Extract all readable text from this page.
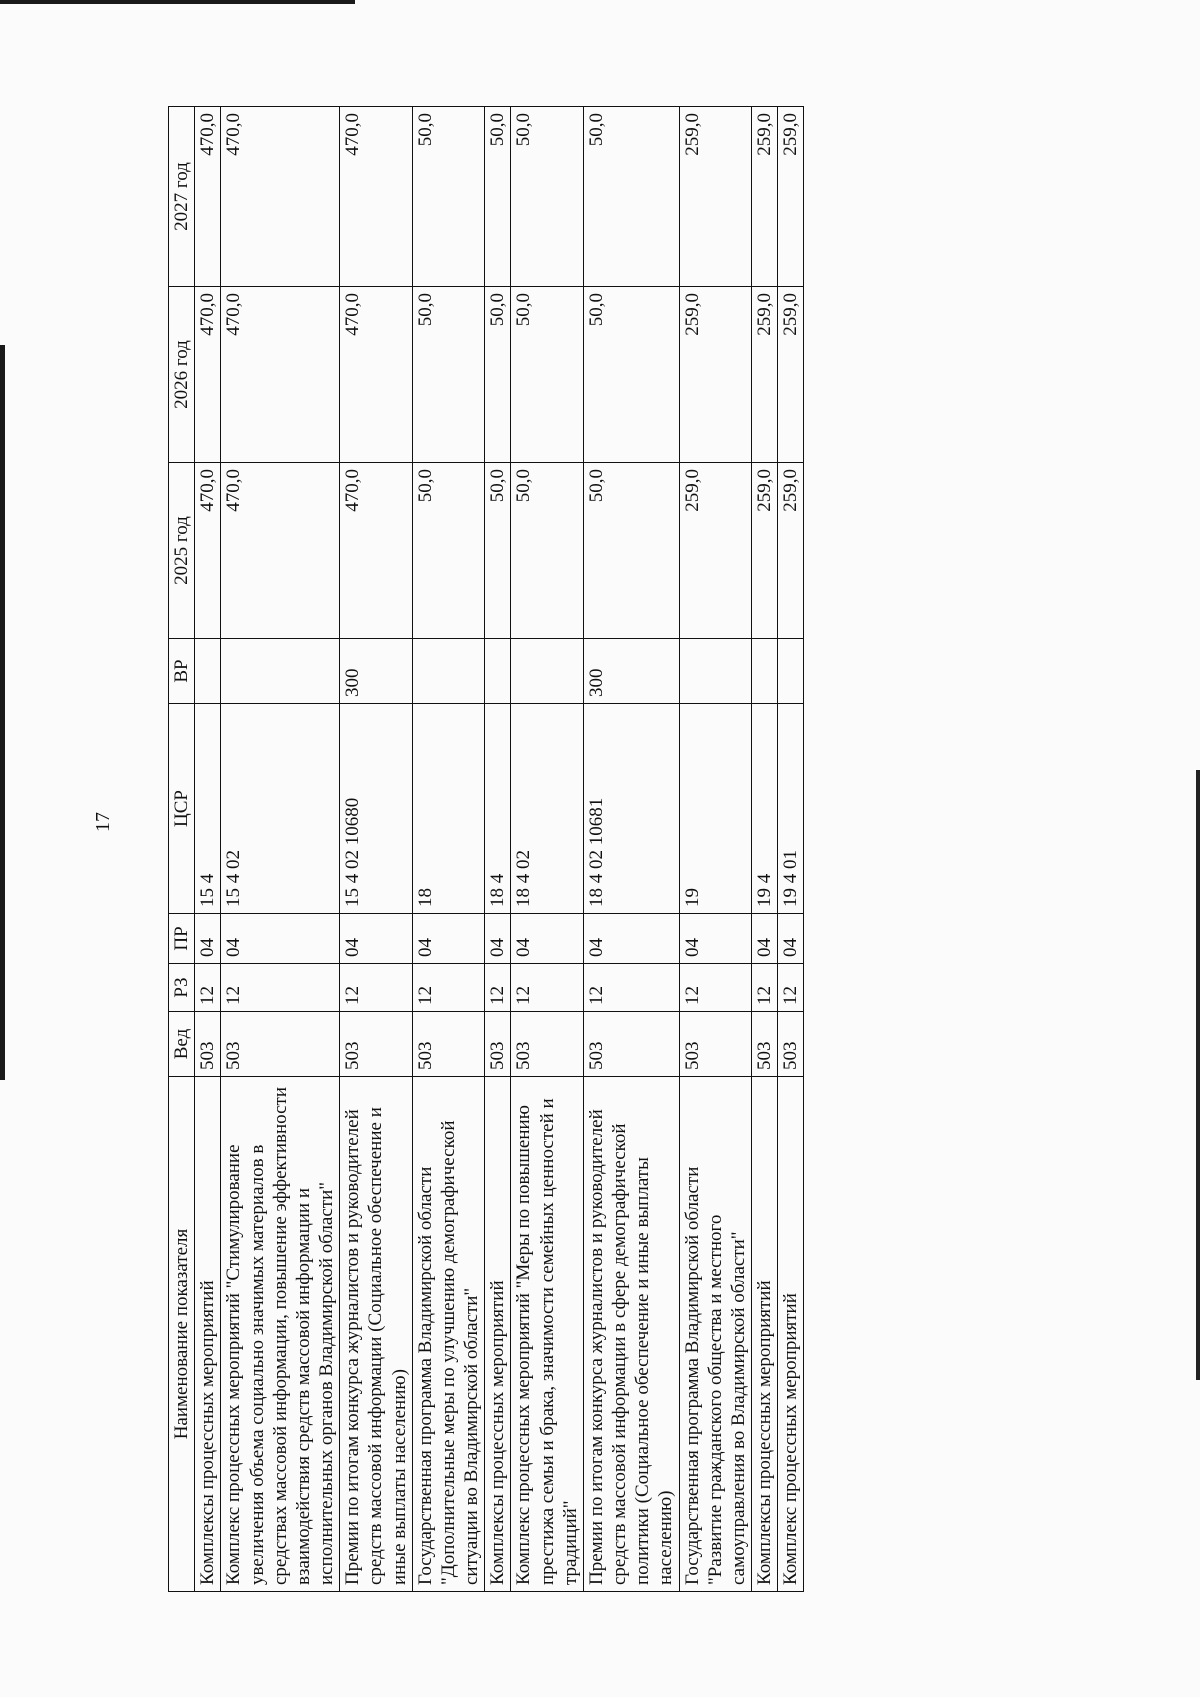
17
Наименование показателя	Вед	РЗ	ПР	ЦСР	ВР	2025 год	2026 год	2027 год
Комплексы процессных мероприятий	503	12	04	15 4		470,0	470,0	470,0
Комплекс процессных мероприятий "Стимулирование увеличения объема социально значимых материалов в средствах массовой информации, повышение эффективности взаимодействия средств массовой информации и исполнительных органов Владимирской области"	503	12	04	15 4 02		470,0	470,0	470,0
Премии по итогам конкурса журналистов и руководителей средств массовой информации (Социальное обеспечение и иные выплаты населению)	503	12	04	15 4 02 10680	300	470,0	470,0	470,0
Государственная программа Владимирской области "Дополнительные меры по улучшению демографической ситуации во Владимирской области"	503	12	04	18		50,0	50,0	50,0
Комплексы процессных мероприятий	503	12	04	18 4		50,0	50,0	50,0
Комплекс процессных мероприятий "Меры по повышению престижа семьи и брака, значимости семейных ценностей и традиций"	503	12	04	18 4 02		50,0	50,0	50,0
Премии по итогам конкурса журналистов и руководителей средств массовой информации в сфере демографической политики (Социальное обеспечение и иные выплаты населению)	503	12	04	18 4 02 10681	300	50,0	50,0	50,0
Государственная программа Владимирской области "Развитие гражданского общества и местного самоуправления во Владимирской области"	503	12	04	19		259,0	259,0	259,0
Комплексы процессных мероприятий	503	12	04	19 4		259,0	259,0	259,0
Комплекс процессных мероприятий	503	12	04	19 4 01		259,0	259,0	259,0
